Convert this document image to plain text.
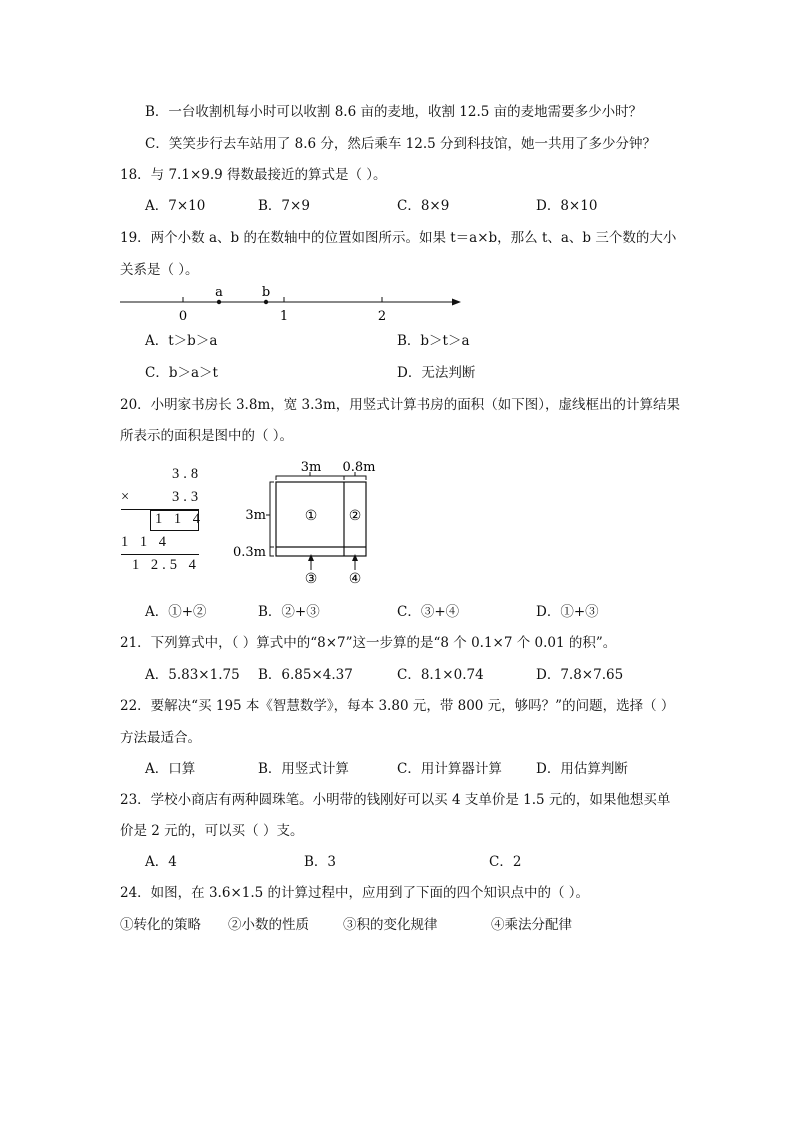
B．一台收割机每小时可以收割 8.6 亩的麦地，收割 12.5 亩的麦地需要多少小时？
C．笑笑步行去车站用了 8.6 分，然后乘车 12.5 分到科技馆，她一共用了多少分钟？
18．与 7.1×9.9 得数最接近的算式是（ ）。
A．7×10	B．7×9	C．8×9	D．8×10
19．两个小数 a、b 的在数轴中的位置如图所示。如果 t＝a×b，那么 t、a、b 三个数的大小
关系是（ ）。
a	b
0	1	2
A．t＞b＞a	B．b＞t＞a
C．b＞a＞t	D．无法判断
20．小明家书房长 3.8m，宽 3.3m，用竖式计算书房的面积（如下图），虚线框出的计算结果
所表示的面积是图中的（ ）。
3.8
×	3.3
1 1 4
1 1 4
1 2.5 4
3m 0.8m
3m
0.3m
① ②
③ ④
A．①+②	B．②+③	C．③+④	D．①+③
21．下列算式中，（ ）算式中的“8×7”这一步算的是“8 个 0.1×7 个 0.01 的积”。
A．5.83×1.75 B．6.85×4.37	C．8.1×0.74	D．7.8×7.65
22．要解决“买 195 本《智慧数学》，每本 3.80 元，带 800 元，够吗？”的问题，选择（ ）
方法最适合。
A．口算	B．用竖式计算	C．用计算器计算	D．用估算判断
23．学校小商店有两种圆珠笔。小明带的钱刚好可以买 4 支单价是 1.5 元的，如果他想买单
价是 2 元的，可以买（ ）支。
A．4	B．3	C．2
24．如图，在 3.6×1.5 的计算过程中，应用到了下面的四个知识点中的（ ）。
①转化的策略 ②小数的性质	③积的变化规律	④乘法分配律
